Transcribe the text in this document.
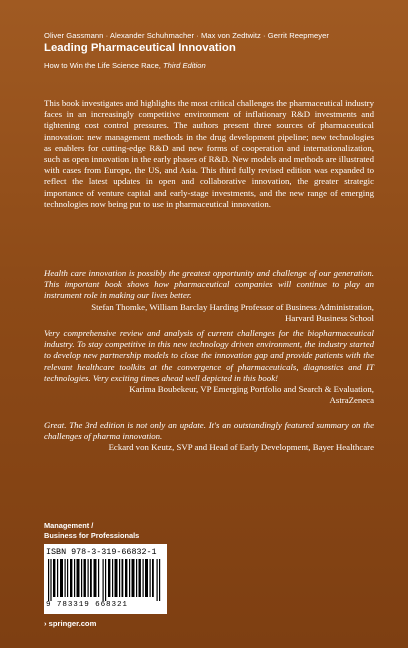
Oliver Gassmann · Alexander Schuhmacher · Max von Zedtwitz · Gerrit Reepmeyer
Leading Pharmaceutical Innovation
How to Win the Life Science Race, Third Edition
This book investigates and highlights the most critical challenges the pharmaceutical industry faces in an increasingly competitive environment of inflationary R&D investments and tightening cost control pressures. The authors present three sources of pharmaceutical innovation: new management methods in the drug development pipeline; new technologies as enablers for cutting-edge R&D and new forms of cooperation and internationalization, such as open innovation in the early phases of R&D. New models and methods are illustrated with cases from Europe, the US, and Asia. This third fully revised edition was expanded to reflect the latest updates in open and collaborative innovation, the greater strategic importance of venture capital and early-stage investments, and the new range of emerging technologies now being put to use in pharmaceutical innovation.
Health care innovation is possibly the greatest opportunity and challenge of our generation. This important book shows how pharmaceutical companies will continue to play an instrument role in making our lives better.
Stefan Thomke, William Barclay Harding Professor of Business Administration,
Harvard Business School
Very comprehensive review and analysis of current challenges for the biopharmaceutical industry. To stay competitive in this new technology driven environment, the industry started to develop new partnership models to close the innovation gap and provide patients with the relevant healthcare toolkits at the convergence of pharmaceuticals, diagnostics and IT technologies. Very exciting times ahead well depicted in this book!
Karima Boubekeur, VP Emerging Portfolio and Search & Evaluation,
AstraZeneca
Great. The 3rd edition is not only an update. It's an outstandingly featured summary on the challenges of pharma innovation.
Eckard von Keutz, SVP and Head of Early Development, Bayer Healthcare
Management /
Business for Professionals
ISBN 978-3-319-66832-1
9 783319 668321
› springer.com
